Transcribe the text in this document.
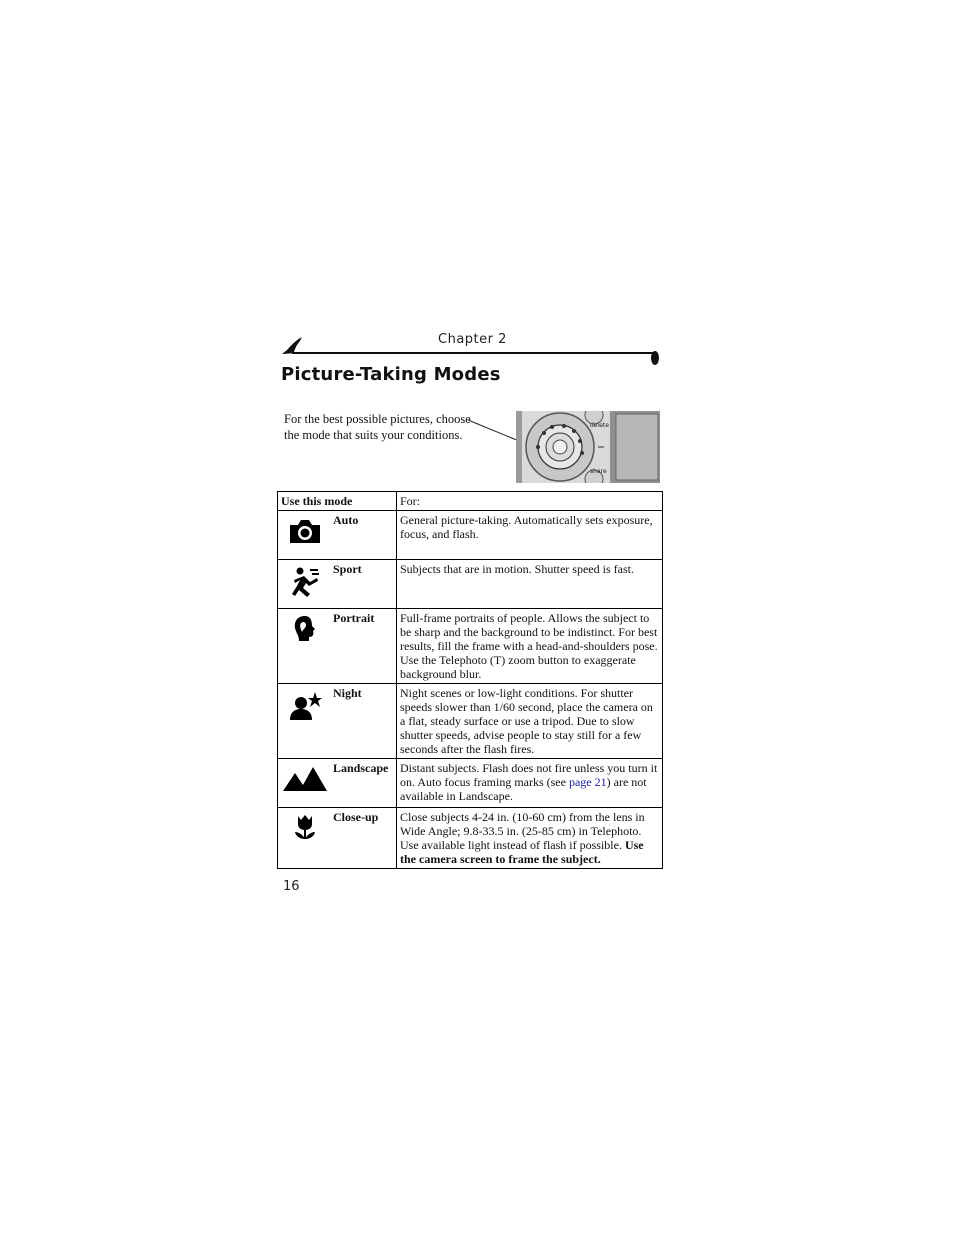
Chapter 2
Picture-Taking Modes
For the best possible pictures, choose the mode that suits your conditions.
delete
share
Use this mode	For:

Auto	General picture-taking. Automatically sets exposure, focus, and flash.

Sport	Subjects that are in motion. Shutter speed is fast.

Portrait	Full-frame portraits of people. Allows the subject to be sharp and the background to be indistinct. For best results, fill the frame with a head-and-shoulders pose. Use the Telephoto (T) zoom button to exaggerate background blur.

Night	Night scenes or low-light conditions. For shutter speeds slower than 1/60 second, place the camera on a flat, steady surface or use a tripod. Due to slow shutter speeds, advise people to stay still for a few seconds after the flash fires.

Landscape	Distant subjects. Flash does not fire unless you turn it on. Auto focus framing marks (see page 21) are not available in Landscape.

Close-up	Close subjects 4-24 in. (10-60 cm) from the lens in Wide Angle; 9.8-33.5 in. (25-85 cm) in Telephoto. Use available light instead of flash if possible. Use the camera screen to frame the subject.
16
